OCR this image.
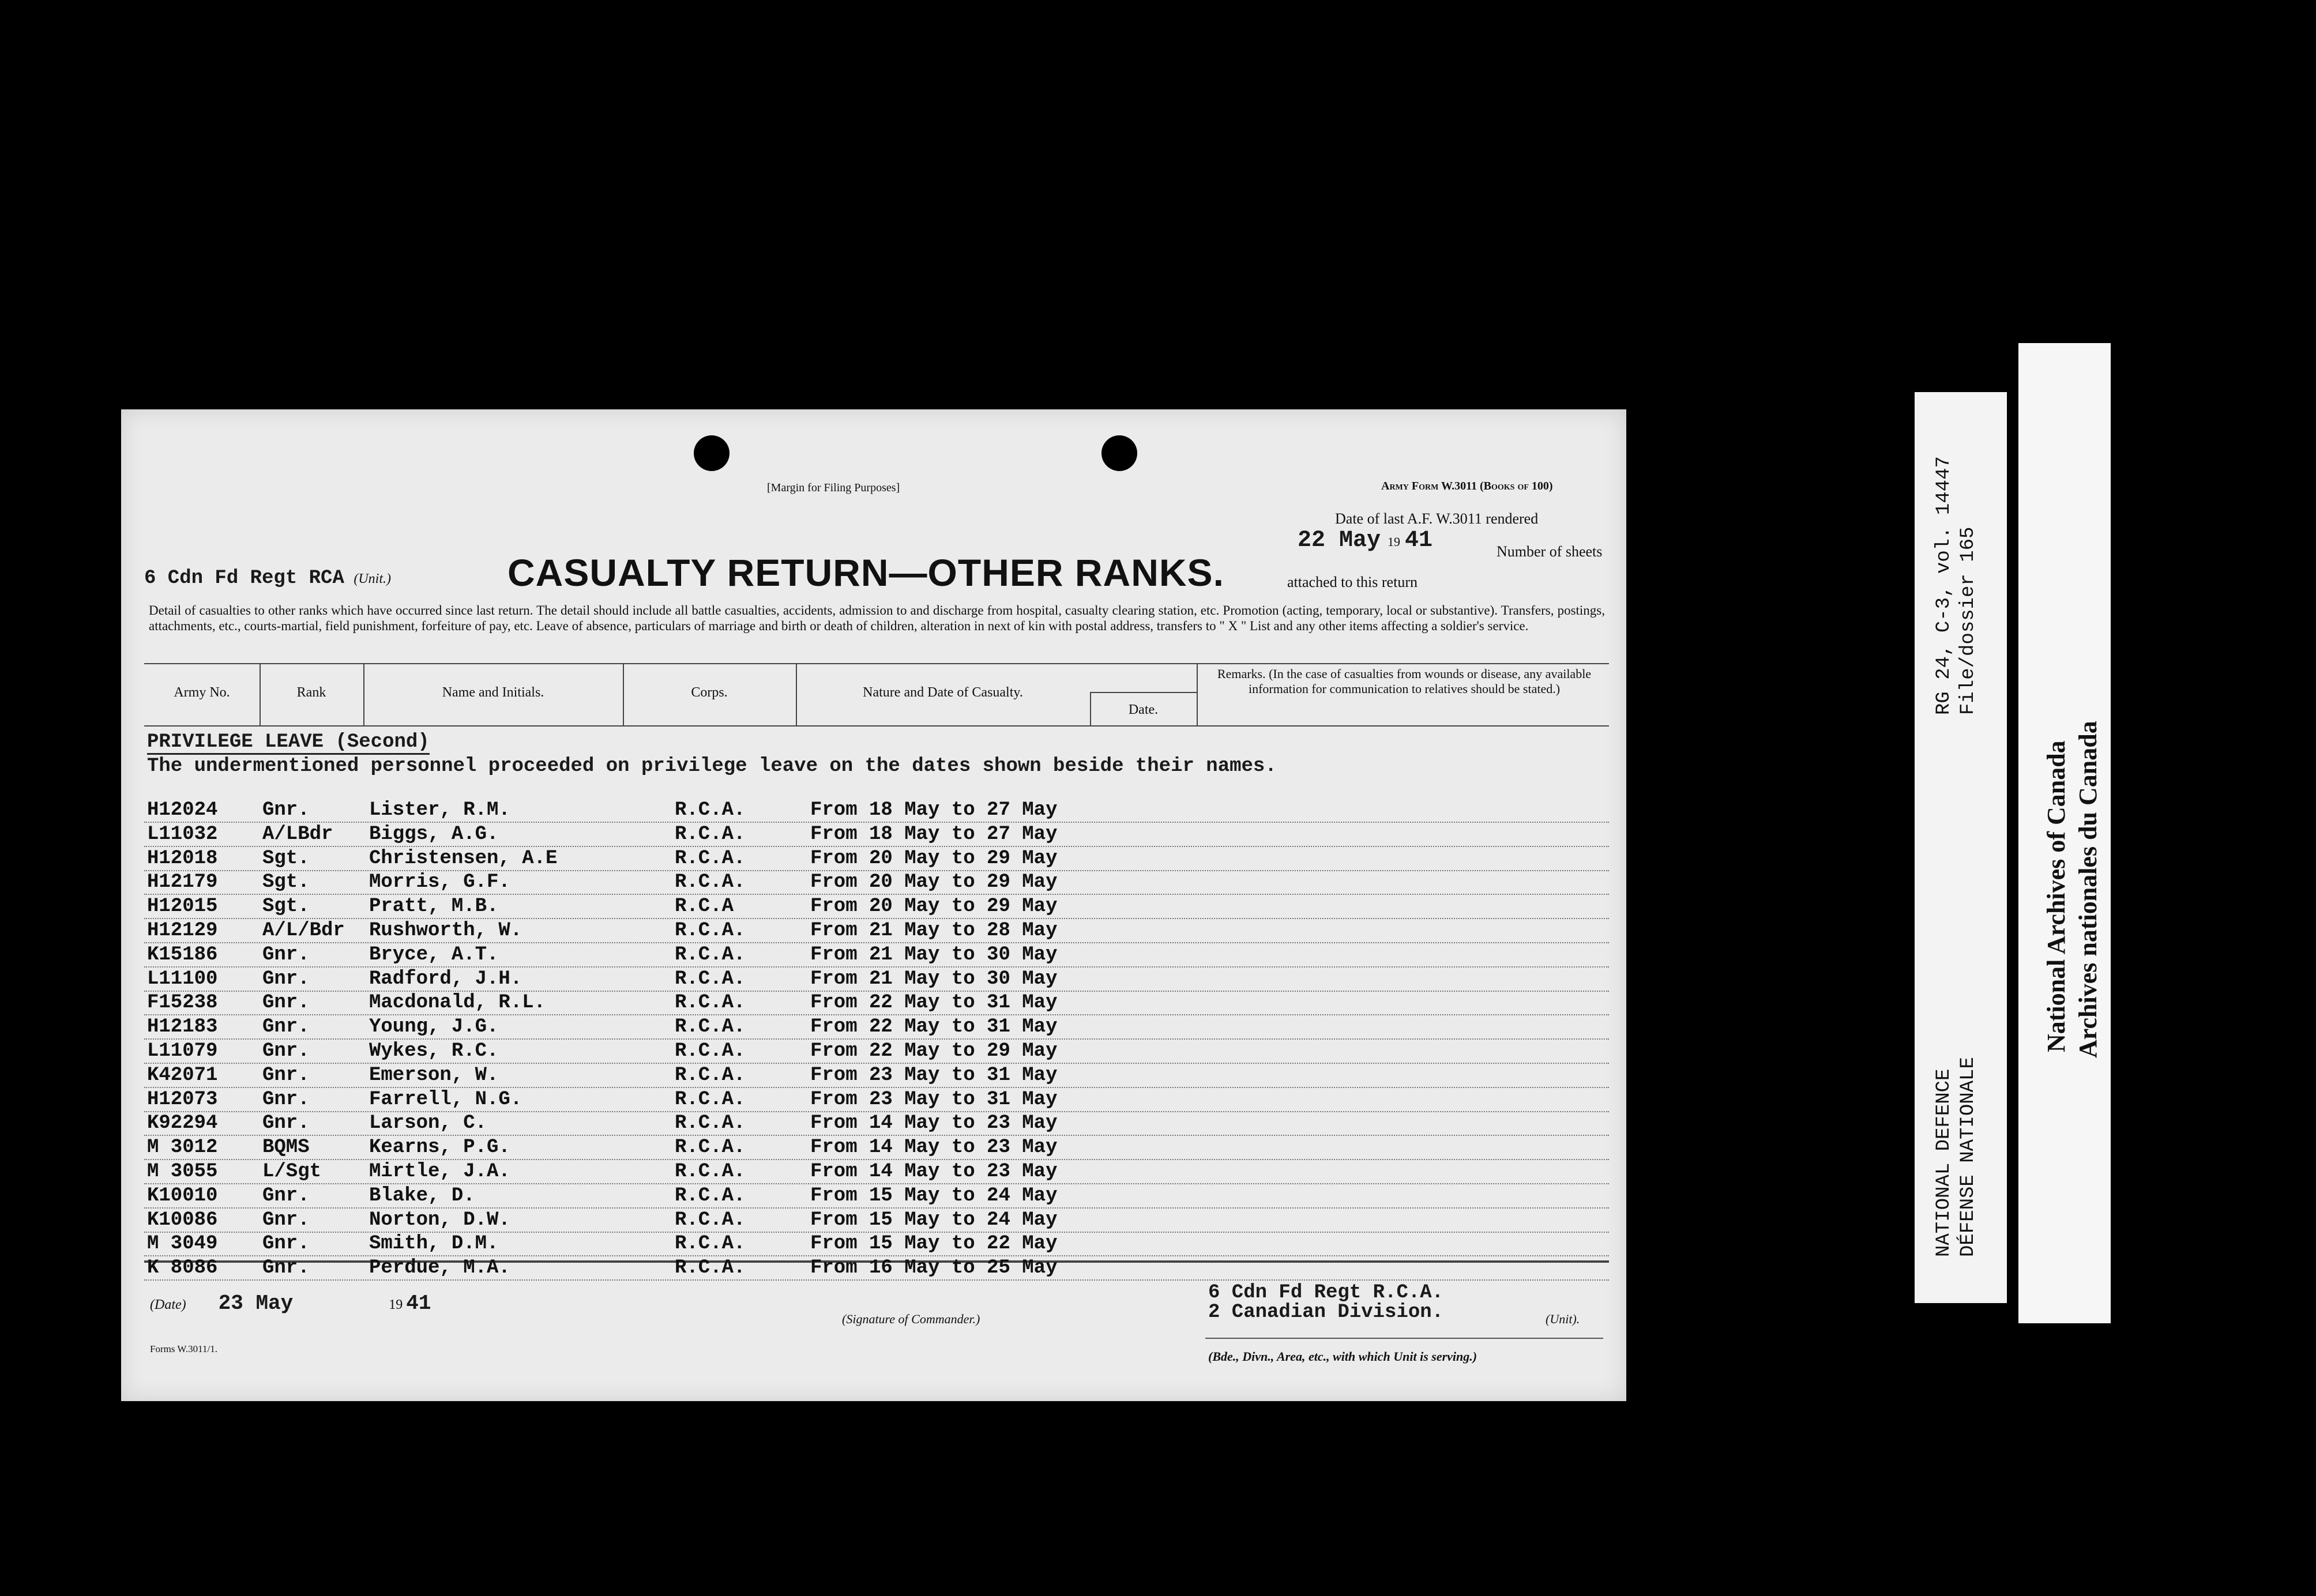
[Margin for Filing Purposes]	Army Form W.3011 (Books of 100)
Date of last A.F. W.3011 rendered
22 May 19 41	Number of sheets
attached to this return
6 Cdn Fd Regt RCA (Unit.)	CASUALTY RETURN—OTHER RANKS.
Detail of casualties to other ranks which have occurred since last return. The detail should include all battle casualties, accidents, admission to and discharge from hospital, casualty clearing station, etc. Promotion (acting, temporary, local or substantive). Transfers, postings, attachments, etc., courts-martial, field punishment, forfeiture of pay, etc. Leave of absence, particulars of marriage and birth or death of children, alteration in next of kin with postal address, transfers to " X " List and any other items affecting a soldier's service.
Army No.	Rank	Name and Initials.	Corps.	Nature and Date of Casualty.
Date.
Remarks. (In the case of casualties from wounds or disease, any available information for communication to relatives should be stated.)
PRIVILEGE LEAVE (Second)
The undermentioned personnel proceeded on privilege leave on the dates shown beside their names.
H12024 Gnr.	Lister, R.M.	R.C.A.	From 18 May to 27 May
L11032 A/LBdr Biggs, A.G.	R.C.A.	From 18 May to 27 May
H12018 Sgt.	Christensen, A.E	R.C.A.	From 20 May to 29 May
H12179 Sgt.	Morris, G.F.	R.C.A.	From 20 May to 29 May
H12015 Sgt.	Pratt, M.B.	R.C.A	From 20 May to 29 May
H12129 A/L/Bdr Rushworth, W.	R.C.A.	From 21 May to 28 May
K15186 Gnr.	Bryce, A.T.	R.C.A.	From 21 May to 30 May
L11100 Gnr.	Radford, J.H.	R.C.A.	From 21 May to 30 May
F15238 Gnr.	Macdonald, R.L.	R.C.A.	From 22 May to 31 May
H12183 Gnr.	Young, J.G.	R.C.A.	From 22 May to 31 May
L11079 Gnr.	Wykes, R.C.	R.C.A.	From 22 May to 29 May
K42071 Gnr.	Emerson, W.	R.C.A.	From 23 May to 31 May
H12073 Gnr.	Farrell, N.G.	R.C.A.	From 23 May to 31 May
K92294 Gnr.	Larson, C.	R.C.A.	From 14 May to 23 May
M 3012 BQMS	Kearns, P.G.	R.C.A.	From 14 May to 23 May
M 3055 L/Sgt Mirtle, J.A.	R.C.A.	From 14 May to 23 May
K10010 Gnr.	Blake, D.	R.C.A.	From 15 May to 24 May
K10086 Gnr.	Norton, D.W.	R.C.A.	From 15 May to 24 May
M 3049 Gnr.	Smith, D.M.	R.C.A.	From 15 May to 22 May
K 8086 Gnr.	Perdue, M.A.	R.C.A.	From 16 May to 25 May
(Date) 23 May	19 41
(Signature of Commander.)
6 Cdn Fd Regt R.C.A.
2 Canadian Division.	(Unit).
(Bde., Divn., Area, etc., with which Unit is serving.)
Forms W.3011/1.
RG 24, C-3, vol. 14447 File/dossier 165
NATIONAL DEFENCE DÉFENSE NATIONALE
National Archives of Canada Archives nationales du Canada
